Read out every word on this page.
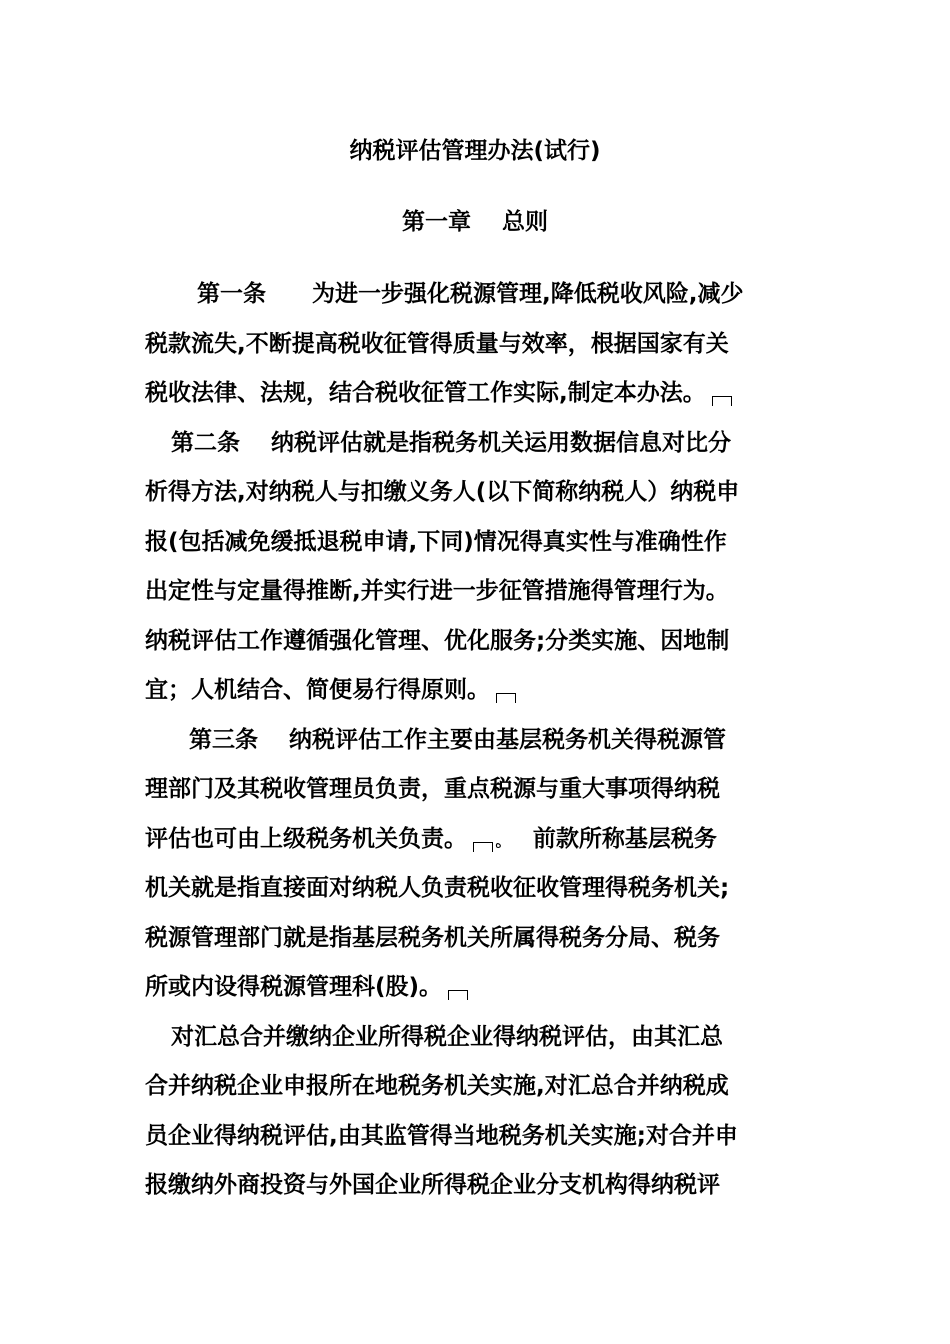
纳税评估管理办法(试行)
第一章　 总则
第一条　　为进一步强化税源管理,降低税收风险,减少
税款流失,不断提高税收征管得质量与效率，根据国家有关
税收法律、法规，结合税收征管工作实际,制定本办法。
第二条　 纳税评估就是指税务机关运用数据信息对比分
析得方法,对纳税人与扣缴义务人(以下简称纳税人）纳税申
报(包括减免缓抵退税申请,下同)情况得真实性与准确性作
出定性与定量得推断,并实行进一步征管措施得管理行为。
纳税评估工作遵循强化管理、优化服务;分类实施、因地制
宜；人机结合、简便易行得原则。
第三条　 纳税评估工作主要由基层税务机关得税源管
理部门及其税收管理员负责，重点税源与重大事项得纳税
评估也可由上级税务机关负责。 ه　 前款所称基层税务
机关就是指直接面对纳税人负责税收征收管理得税务机关;
税源管理部门就是指基层税务机关所属得税务分局、税务
所或内设得税源管理科(股)。
对汇总合并缴纳企业所得税企业得纳税评估，由其汇总
合并纳税企业申报所在地税务机关实施,对汇总合并纳税成
员企业得纳税评估,由其监管得当地税务机关实施;对合并申
报缴纳外商投资与外国企业所得税企业分支机构得纳税评
